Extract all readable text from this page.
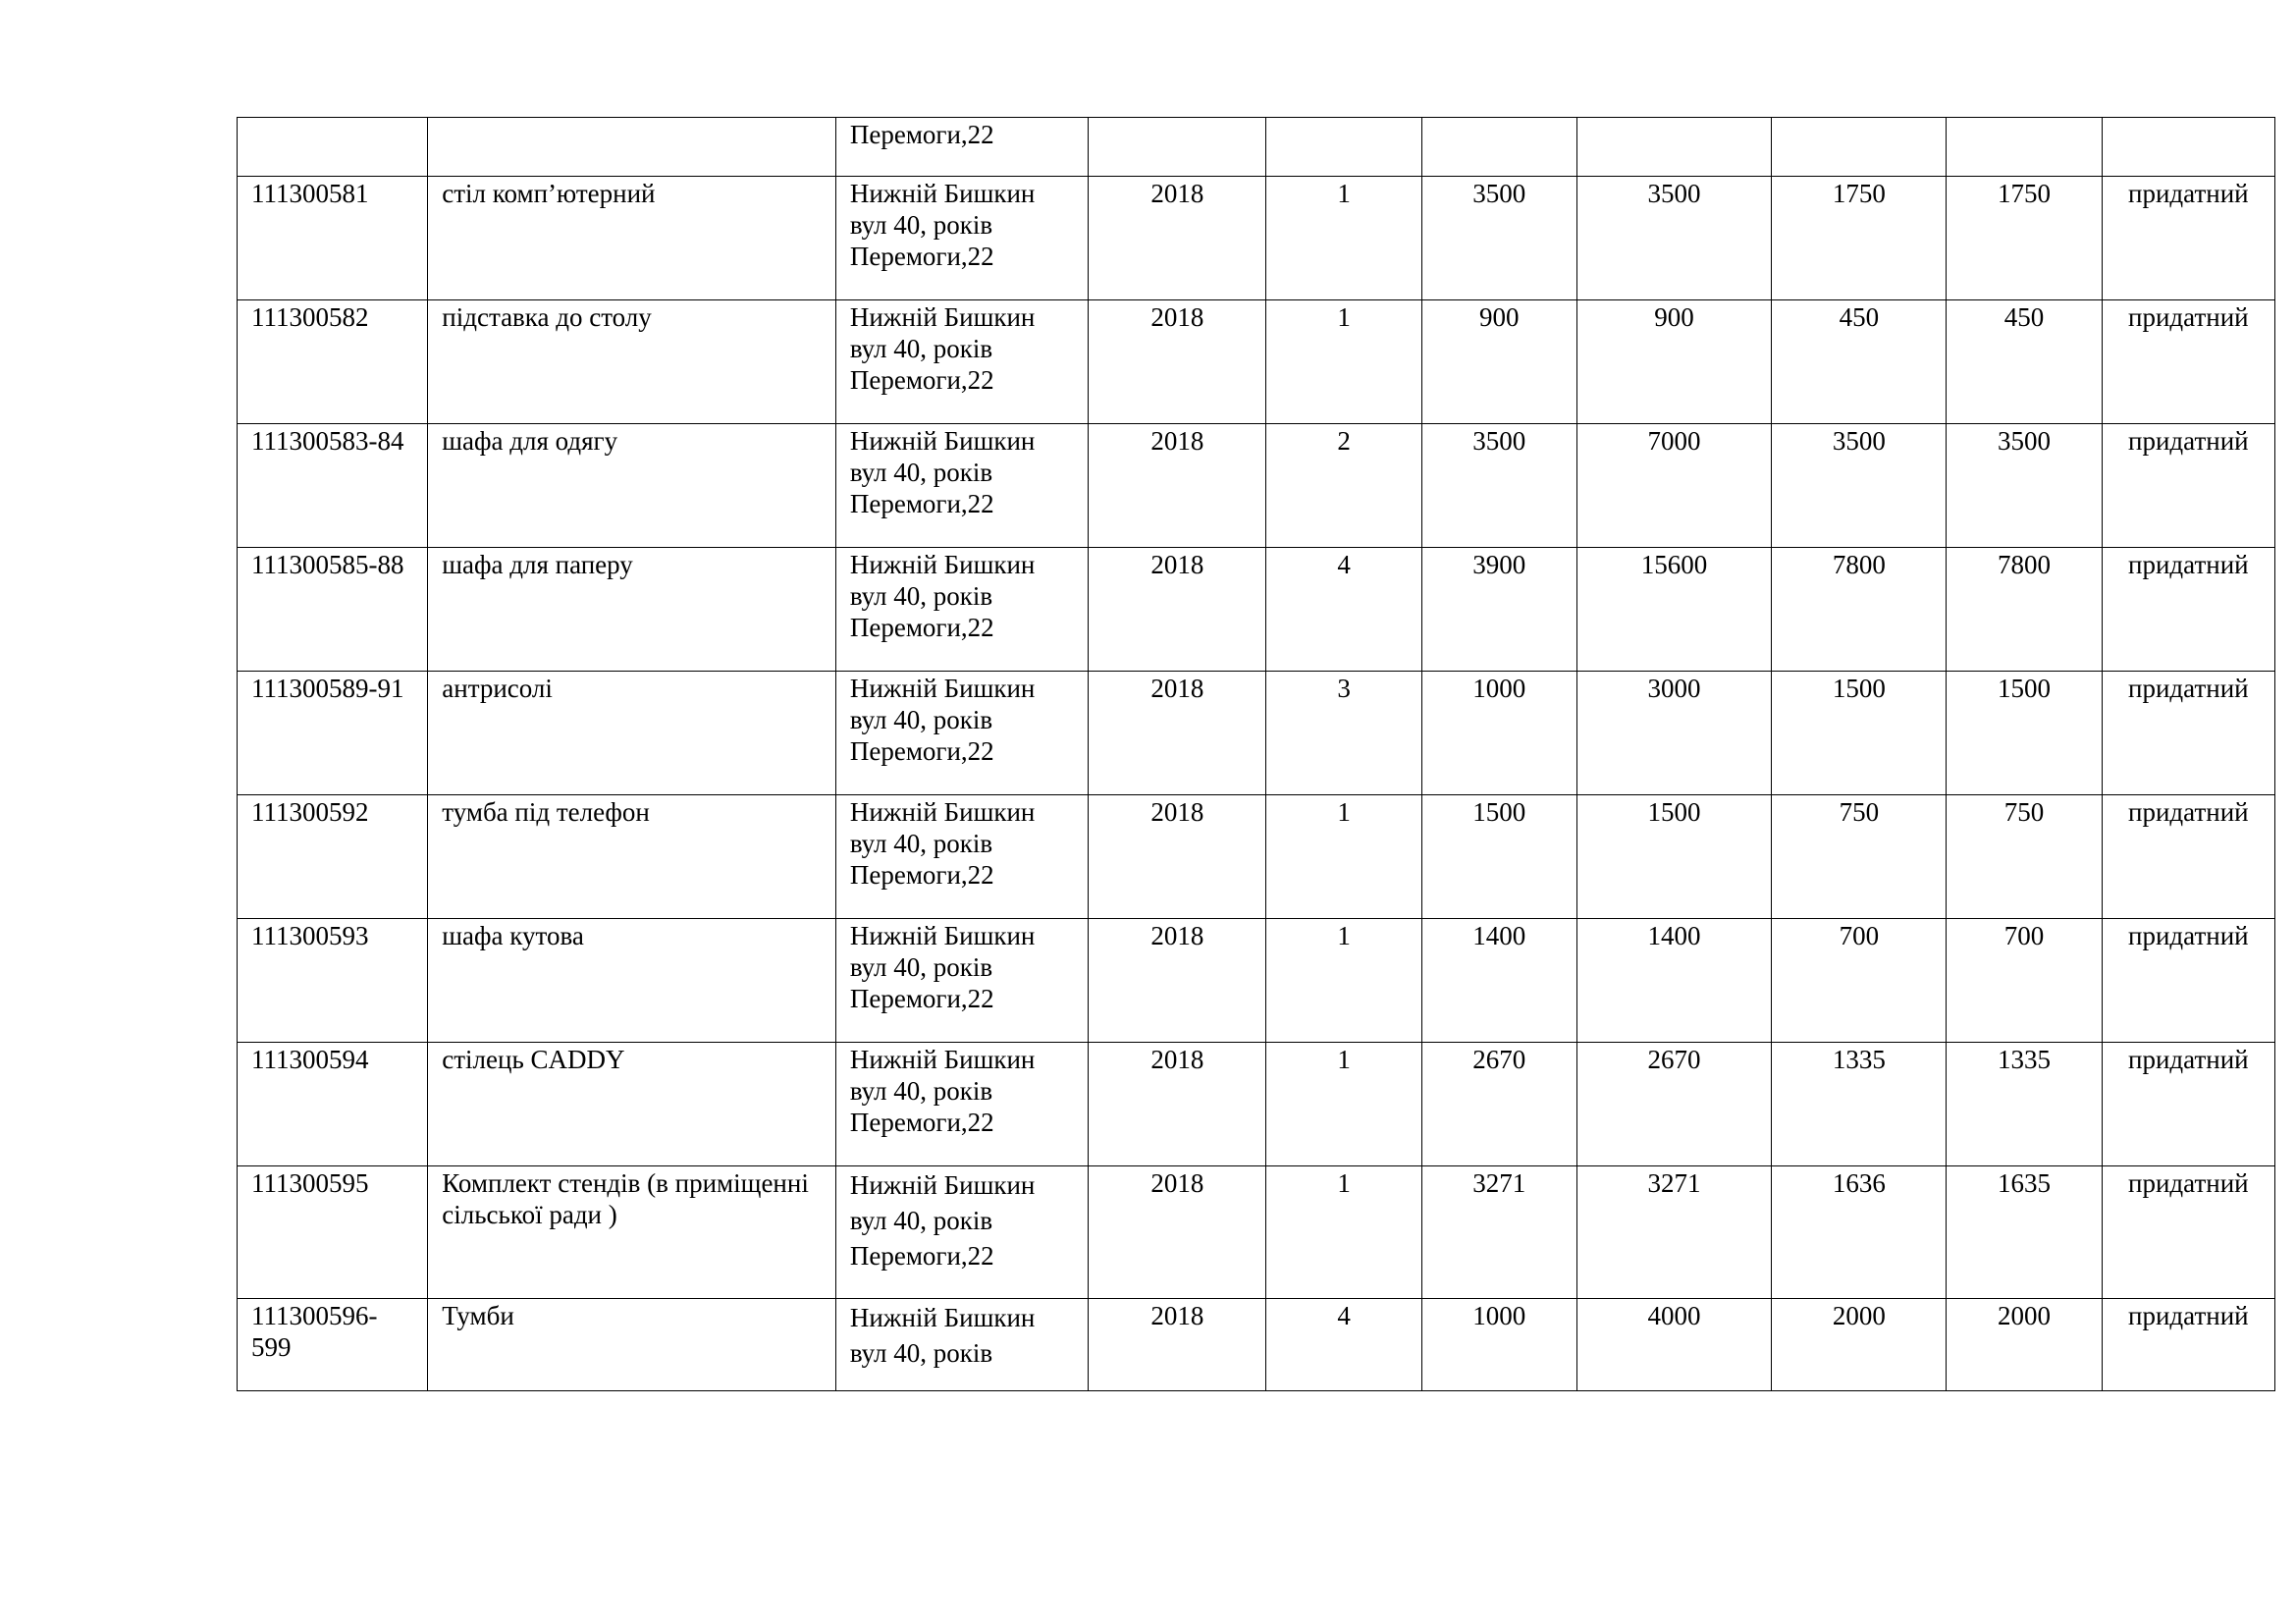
		Перемоги,22							

111300581	стіл комп’ютерний	Нижній Бишкин
вул 40, років
Перемоги,22	2018	1	3500	3500	1750	1750	придатний
111300582	підставка до столу	Нижній Бишкин
вул 40, років
Перемоги,22	2018	1	900	900	450	450	придатний
111300583-84	шафа для одягу	Нижній Бишкин
вул 40, років
Перемоги,22	2018	2	3500	7000	3500	3500	придатний
111300585-88	шафа для паперу	Нижній Бишкин
вул 40, років
Перемоги,22	2018	4	3900	15600	7800	7800	придатний
111300589-91	антрисолі	Нижній Бишкин
вул 40, років
Перемоги,22	2018	3	1000	3000	1500	1500	придатний
111300592	тумба під телефон	Нижній Бишкин
вул 40, років
Перемоги,22	2018	1	1500	1500	750	750	придатний
111300593	шафа кутова	Нижній Бишкин
вул 40, років
Перемоги,22	2018	1	1400	1400	700	700	придатний
111300594	стілець CADDY	Нижній Бишкин
вул 40, років
Перемоги,22	2018	1	2670	2670	1335	1335	придатний
111300595	Комплект стендів (в приміщенні сільської ради )	Нижній Бишкин
вул 40, років
Перемоги,22	2018	1	3271	3271	1636	1635	придатний
111300596-599	Тумби	Нижній Бишкин
вул 40, років	2018	4	1000	4000	2000	2000	придатний
